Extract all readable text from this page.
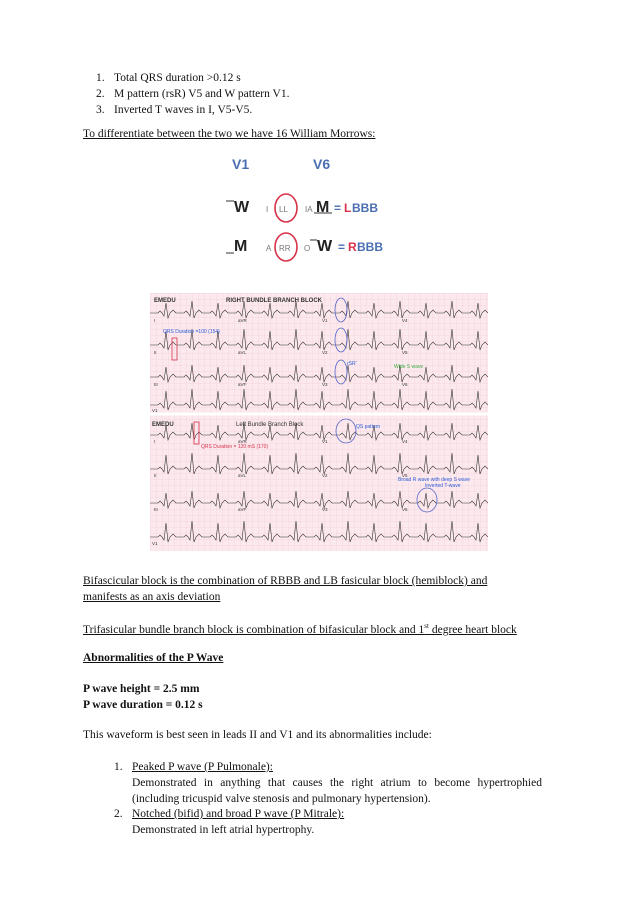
1. Total QRS duration >0.12 s
2. M pattern (rsR) V5 and W pattern V1.
3. Inverted T waves in I, V5-V5.
To differentiate between the two we have 16 William Morrows:
V1	V6
W I LL IA M = L BBB
M A RR O W = R BBB
EMEDU	RIGHT BUNDLE BRANCH BLOCK
QRS Duration =100 (154)
rSR'	Wide S wave
EMEDU	Left Bundle Branch Block
QRS Duration = 120 mS (170)
QS pattern
Broad R wave with deep S wave
Inverted T-wave
I	aVR	V1	V4
II	aVL	V2	V5
III	aVF	V3	V6
V1
I	aVR	V1	V4
II	aVL	V2	V5
III	aVF	V3	V6
V1
Bifascicular block is the combination of RBBB and LB fasicular block (hemiblock) and
manifests as an axis deviation
Trifasicular bundle branch block is combination of bifasicular block and 1st degree heart block
Abnormalities of the P Wave
P wave height = 2.5 mm
P wave duration = 0.12 s
This waveform is best seen in leads II and V1 and its abnormalities include:
1. Peaked P wave (P Pulmonale):
Demonstrated in anything that causes the right atrium to become hypertrophied (including tricuspid valve stenosis and pulmonary hypertension).
2. Notched (bifid) and broad P wave (P Mitrale):
Demonstrated in left atrial hypertrophy.
